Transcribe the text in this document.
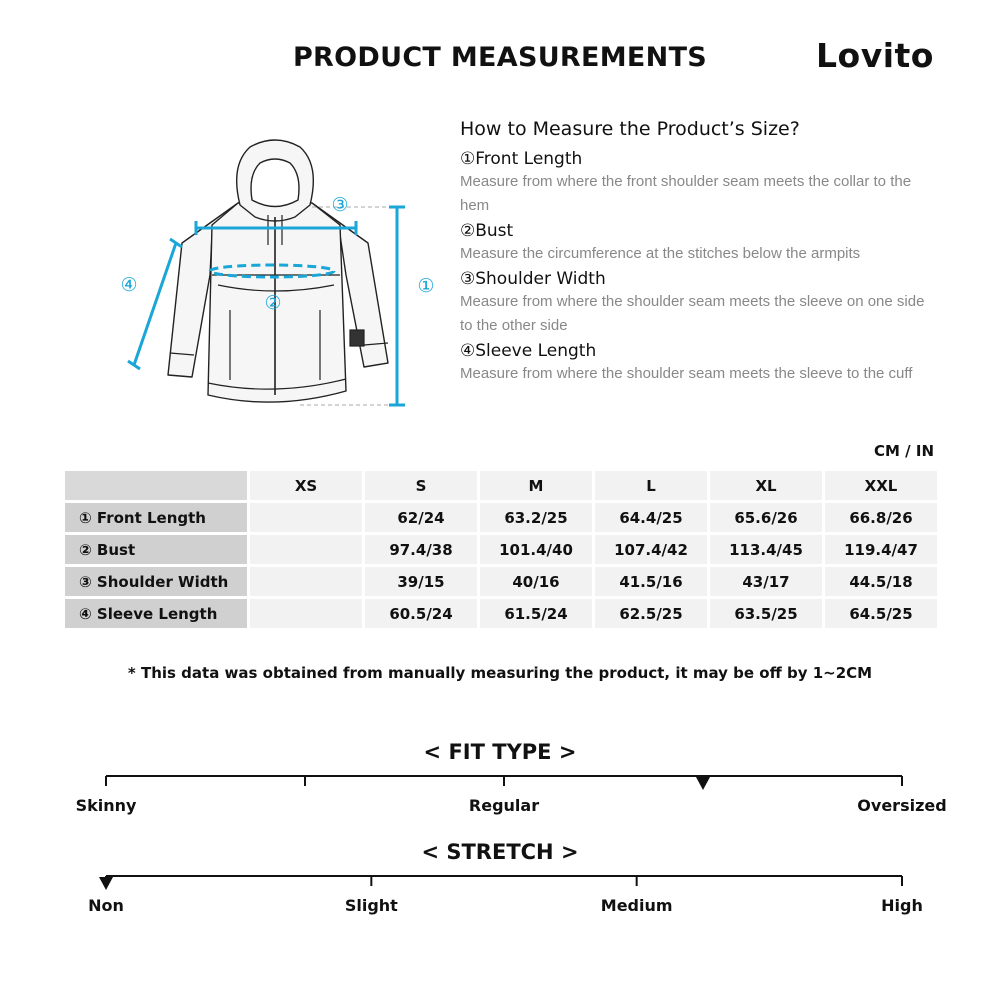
PRODUCT MEASUREMENTS	Lovito
①
②
③
④
How to Measure the Product’s Size?
①Front Length
Measure from where the front shoulder seam meets the collar to the hem
②Bust
Measure the circumference at the stitches below the armpits
③Shoulder Width
Measure from where the shoulder seam meets the sleeve on one side to the other side
④Sleeve Length
Measure from where the shoulder seam meets the sleeve to the cuff
CM / IN
	XS	S	M	L	XL	XXL
① Front Length		62/24	63.2/25	64.4/25	65.6/26	66.8/26
② Bust		97.4/38	101.4/40	107.4/42	113.4/45	119.4/47
③ Shoulder Width		39/15	40/16	41.5/16	43/17	44.5/18
④ Sleeve Length		60.5/24	61.5/24	62.5/25	63.5/25	64.5/25
* This data was obtained from manually measuring the product, it may be off by 1~2CM
< FIT TYPE >
Skinny	Regular	Oversized
< STRETCH >
Non	Slight	Medium	High
